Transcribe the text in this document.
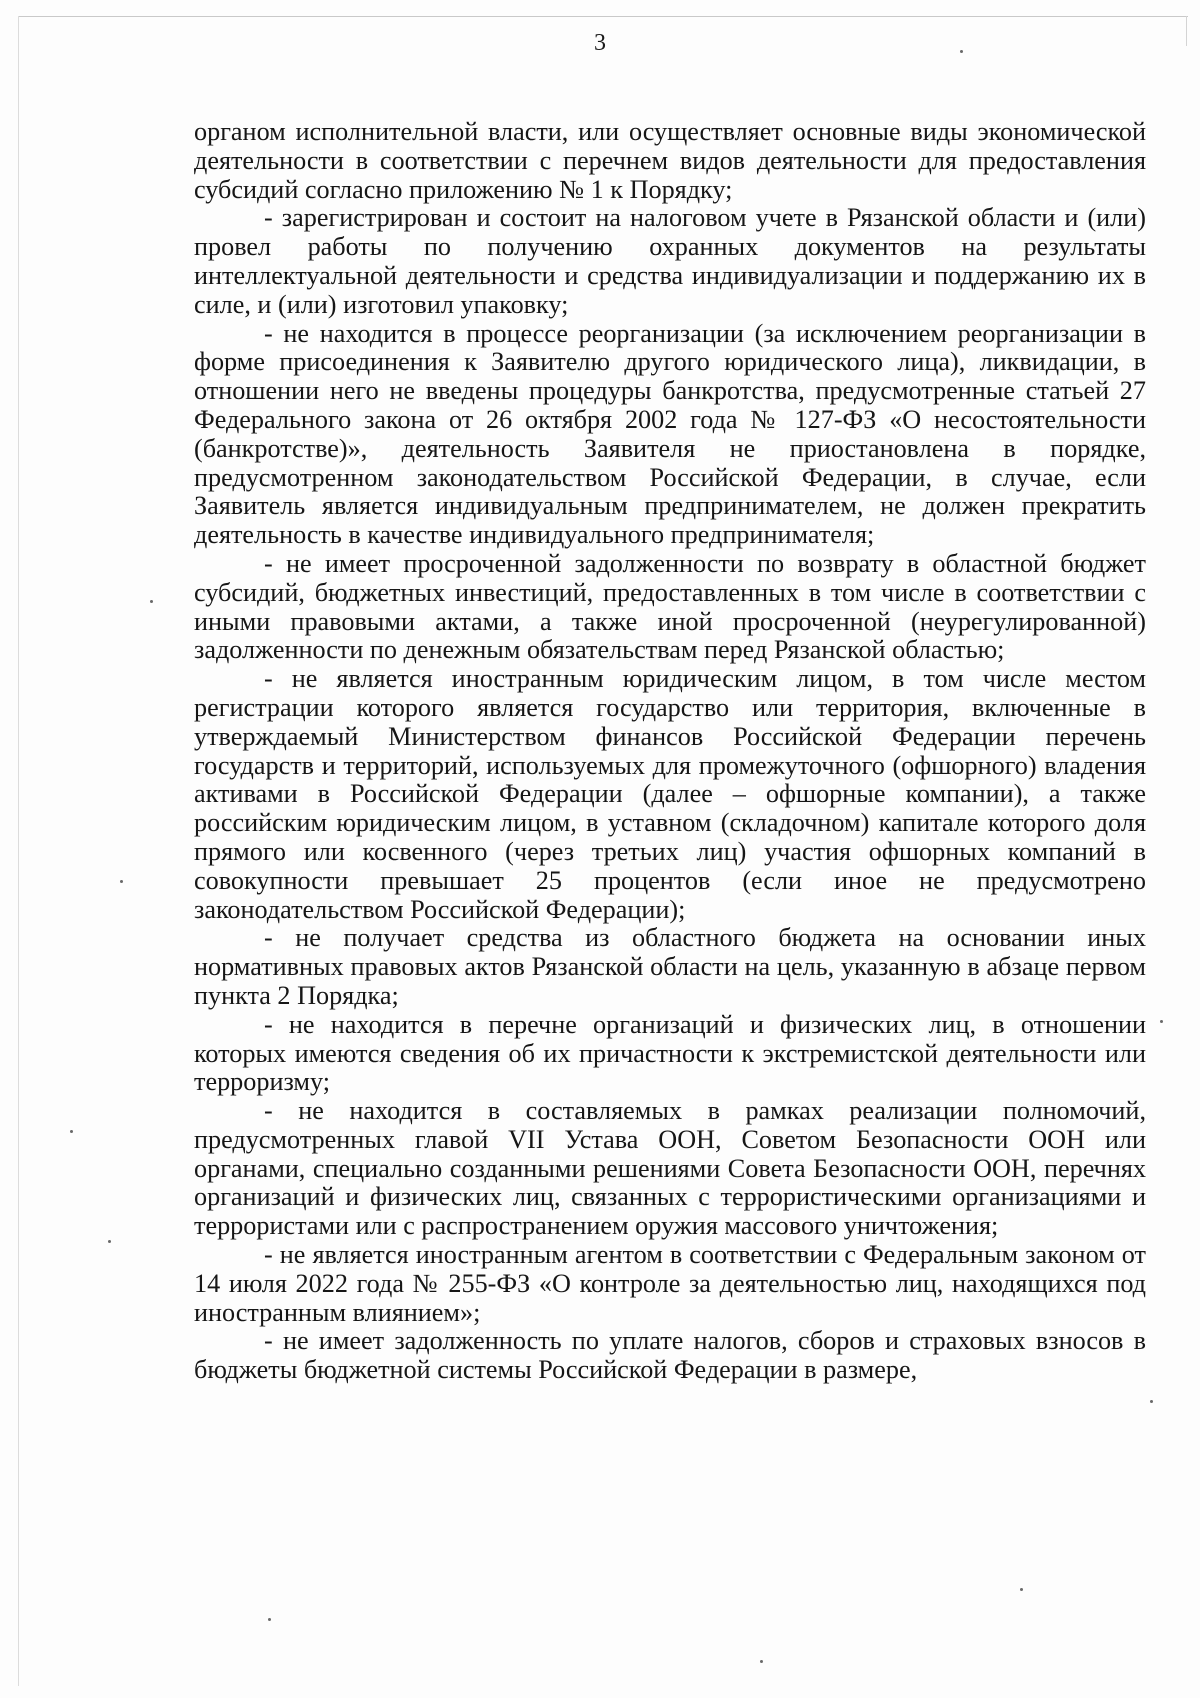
3

органом исполнительной власти, или осуществляет основные виды экономической деятельности в соответствии с перечнем видов деятельности для предоставления субсидий согласно приложению № 1 к Порядку;

- зарегистрирован и состоит на налоговом учете в Рязанской области и (или) провел работы по получению охранных документов на результаты интеллектуальной деятельности и средства индивидуализации и поддержанию их в силе, и (или) изготовил упаковку;

- не находится в процессе реорганизации (за исключением реорганизации в форме присоединения к Заявителю другого юридического лица), ликвидации, в отношении него не введены процедуры банкротства, предусмотренные статьей 27 Федерального закона от 26 октября 2002 года № 127-ФЗ «О несостоятельности (банкротстве)», деятельность Заявителя не приостановлена в порядке, предусмотренном законодательством Российской Федерации, в случае, если Заявитель является индивидуальным предпринимателем, не должен прекратить деятельность в качестве индивидуального предпринимателя;

- не имеет просроченной задолженности по возврату в областной бюджет субсидий, бюджетных инвестиций, предоставленных в том числе в соответствии с иными правовыми актами, а также иной просроченной (неурегулированной) задолженности по денежным обязательствам перед Рязанской областью;

- не является иностранным юридическим лицом, в том числе местом регистрации которого является государство или территория, включенные в утверждаемый Министерством финансов Российской Федерации перечень государств и территорий, используемых для промежуточного (офшорного) владения активами в Российской Федерации (далее – офшорные компании), а также российским юридическим лицом, в уставном (складочном) капитале которого доля прямого или косвенного (через третьих лиц) участия офшорных компаний в совокупности превышает 25 процентов (если иное не предусмотрено законодательством Российской Федерации);

- не получает средства из областного бюджета на основании иных нормативных правовых актов Рязанской области на цель, указанную в абзаце первом пункта 2 Порядка;

- не находится в перечне организаций и физических лиц, в отношении которых имеются сведения об их причастности к экстремистской деятельности или терроризму;

- не находится в составляемых в рамках реализации полномочий, предусмотренных главой VII Устава ООН, Советом Безопасности ООН или органами, специально созданными решениями Совета Безопасности ООН, перечнях организаций и физических лиц, связанных с террористическими организациями и террористами или с распространением оружия массового уничтожения;

- не является иностранным агентом в соответствии с Федеральным законом от 14 июля 2022 года № 255-ФЗ «О контроле за деятельностью лиц, находящихся под иностранным влиянием»;

- не имеет задолженность по уплате налогов, сборов и страховых взносов в бюджеты бюджетной системы Российской Федерации в размере,
